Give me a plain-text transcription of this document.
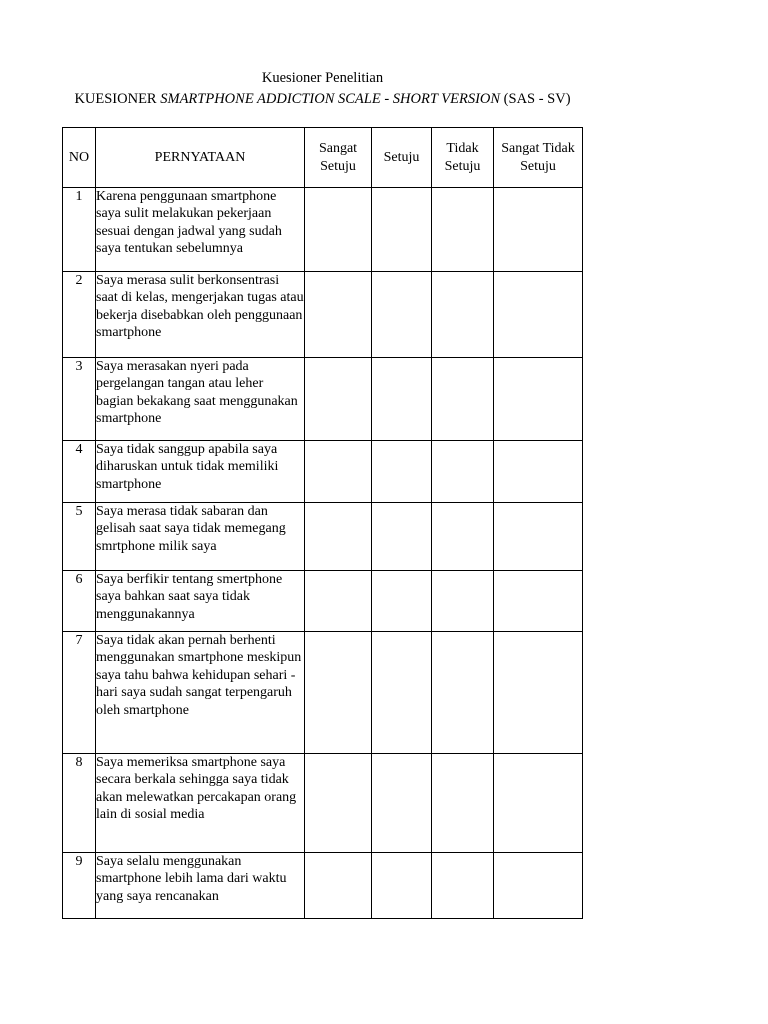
Kuesioner Penelitian
KUESIONER SMARTPHONE ADDICTION SCALE - SHORT VERSION (SAS - SV)
NO	PERNYATAAN	Sangat Setuju	Setuju	Tidak Setuju	Sangat Tidak Setuju
1	Karena penggunaan smartphone saya sulit melakukan pekerjaan sesuai dengan jadwal yang sudah saya tentukan sebelumnya				
2	Saya merasa sulit berkonsentrasi saat di kelas, mengerjakan tugas atau bekerja disebabkan oleh penggunaan smartphone				
3	Saya merasakan nyeri pada pergelangan tangan atau leher bagian bekakang saat menggunakan smartphone				
4	Saya tidak sanggup apabila saya diharuskan untuk tidak memiliki smartphone				
5	Saya merasa tidak sabaran dan gelisah saat saya tidak memegang smrtphone milik saya				
6	Saya berfikir tentang smertphone saya bahkan saat saya tidak menggunakannya				
7	Saya tidak akan pernah berhenti menggunakan smartphone meskipun saya tahu bahwa kehidupan sehari - hari saya sudah sangat terpengaruh oleh smartphone				
8	Saya memeriksa smartphone saya secara berkala sehingga saya tidak akan melewatkan percakapan orang lain di sosial media				
9	Saya selalu menggunakan smartphone lebih lama dari waktu yang saya rencanakan				
